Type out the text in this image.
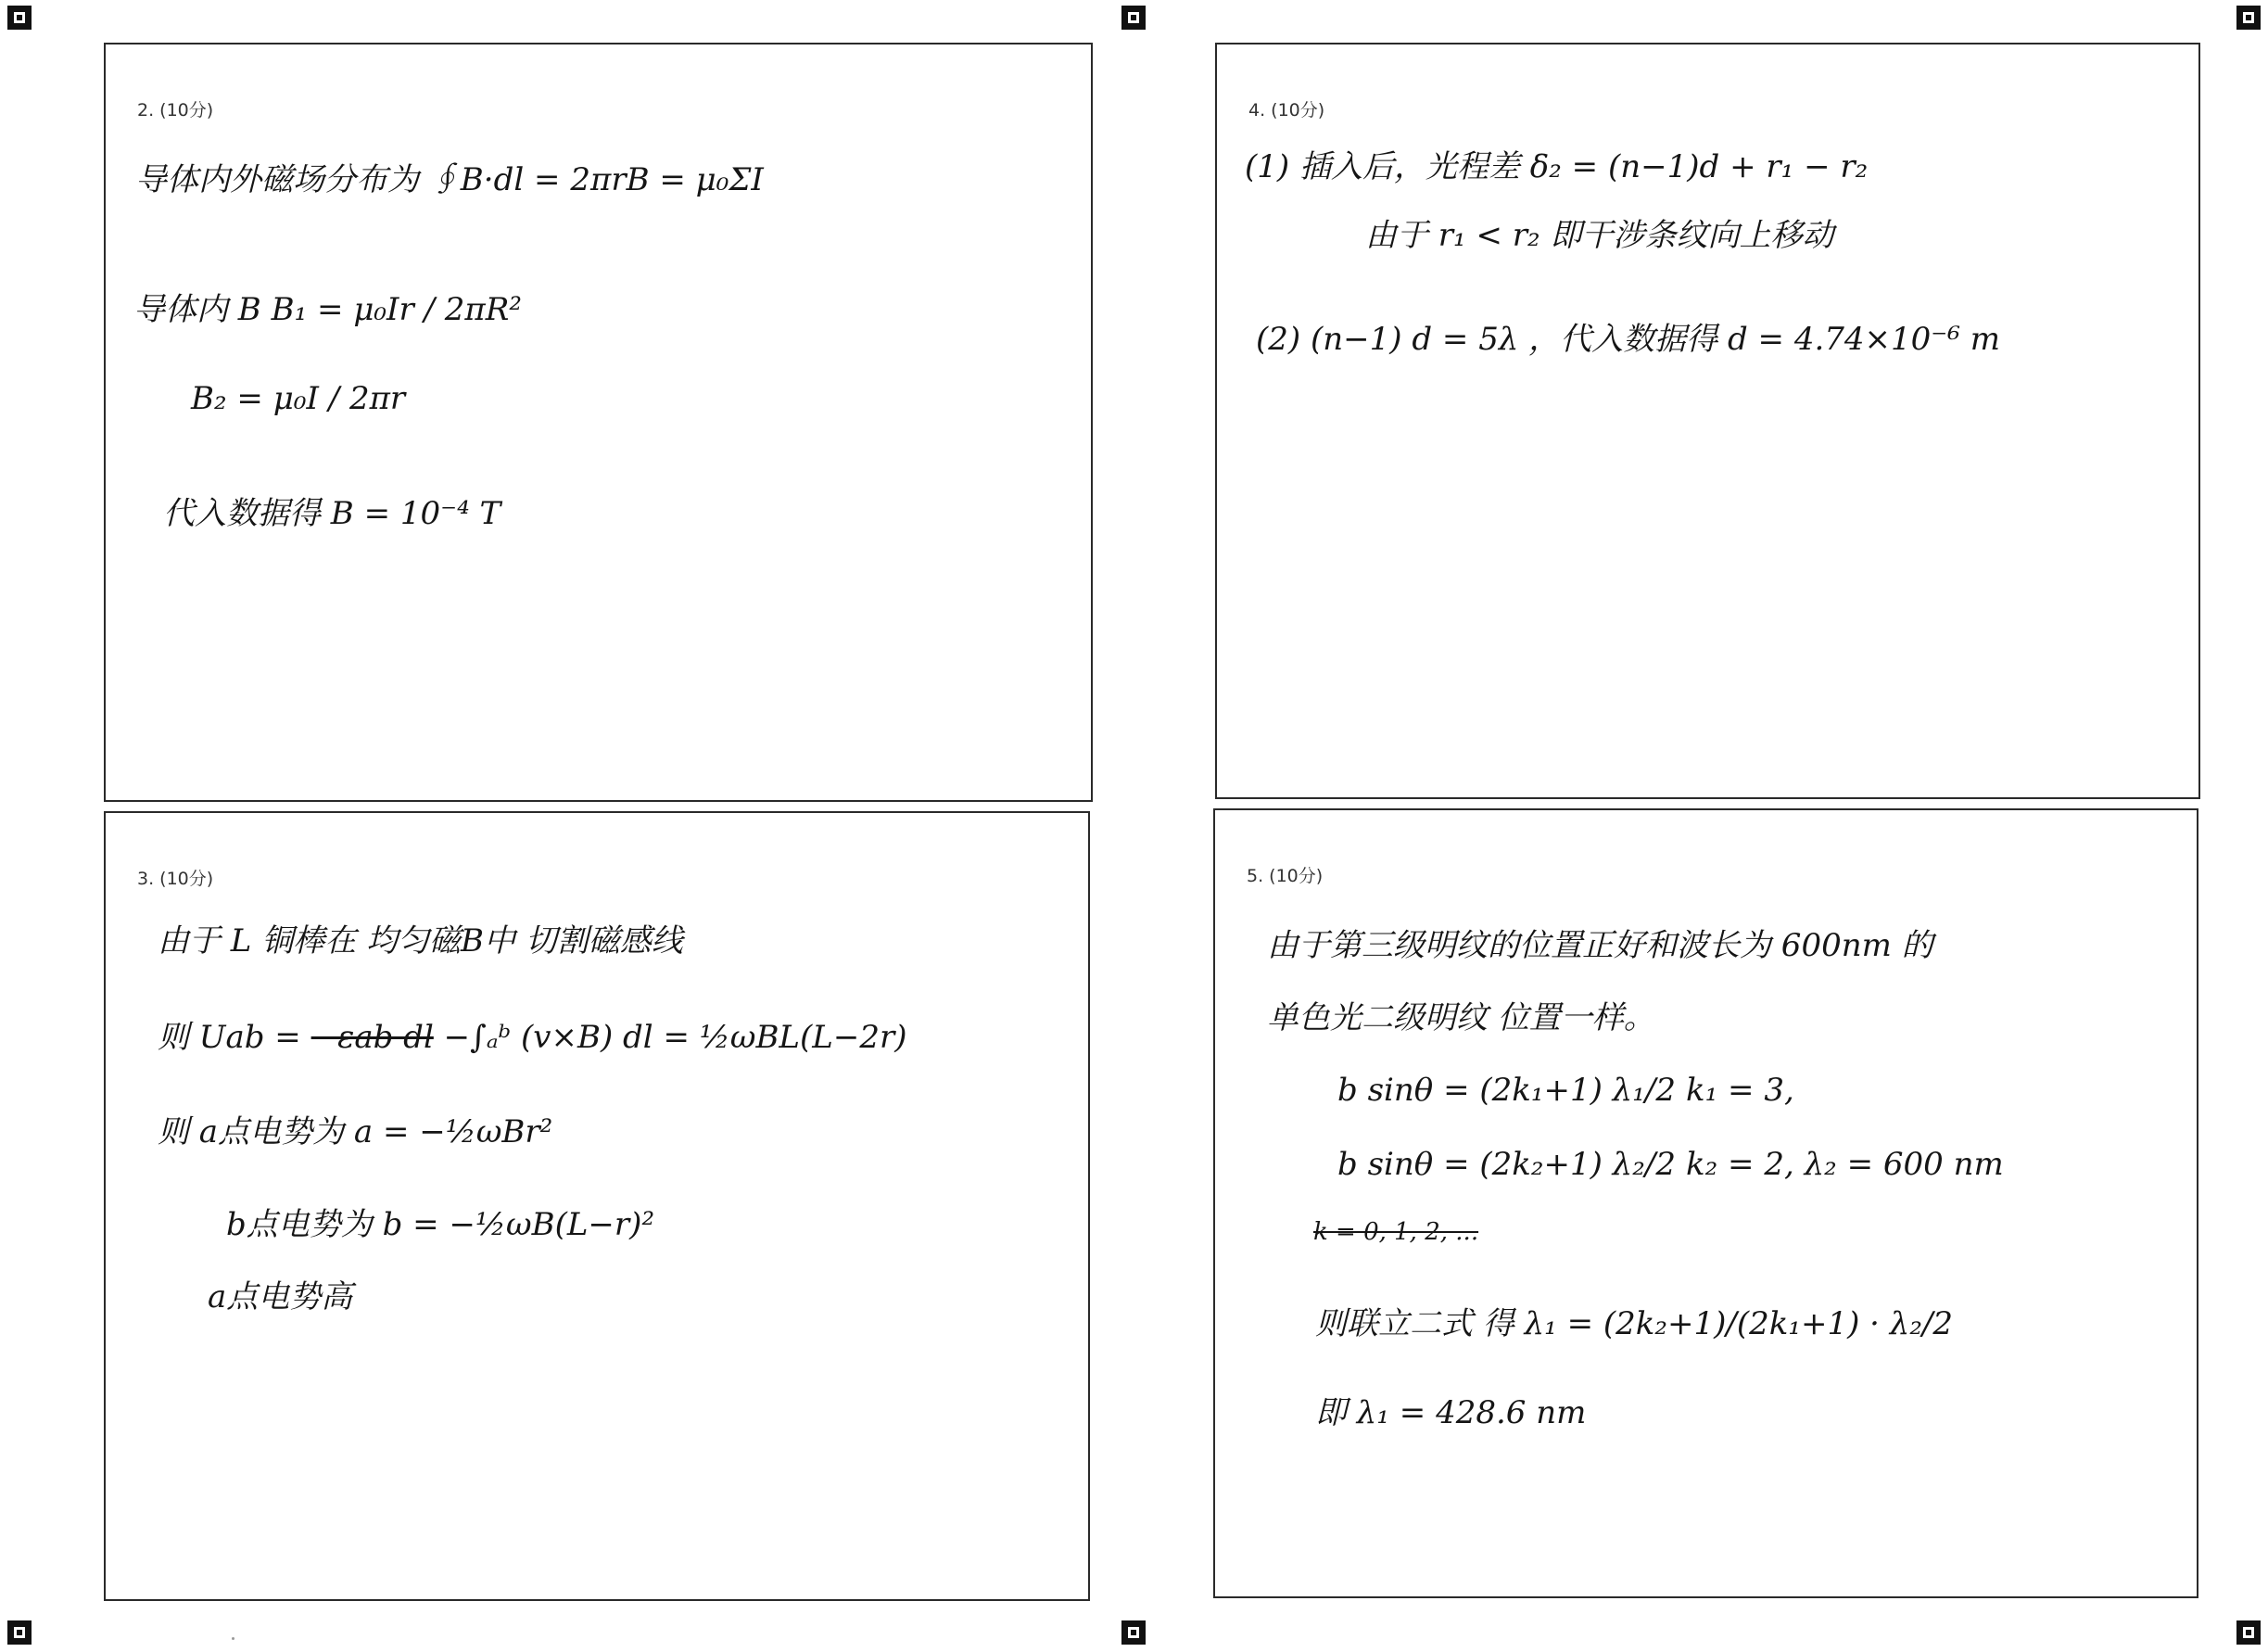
2. (10分)
导体内外磁场分布为 ∮B·dl = 2πrB = μ₀ΣI
导体内 B B₁ = μ₀Ir / 2πR²
B₂ = μ₀I / 2πr
代入数据得 B = 10⁻⁴ T
4. (10分)
(1) 插入后，光程差 δ₂ = (n−1)d + r₁ − r₂
由于 r₁ < r₂ 即干涉条纹向上移动
(2) (n−1) d = 5λ ，代入数据得 d = 4.74×10⁻⁶ m
3. (10分)
由于 L 铜棒在 均匀磁B中 切割磁感线
则 Uab = −εab dl −∫ₐᵇ (v×B) dl = ½ωBL(L−2r)
则 a点电势为 a = −½ωBr²
b点电势为 b = −½ωB(L−r)²
a点电势高
5. (10分)
由于第三级明纹的位置正好和波长为 600nm 的
单色光二级明纹 位置一样。
b sinθ = (2k₁+1) λ₁/2 k₁ = 3,
b sinθ = (2k₂+1) λ₂/2 k₂ = 2, λ₂ = 600 nm
k = 0, 1, 2, ...
则联立二式 得 λ₁ = (2k₂+1)/(2k₁+1) · λ₂/2
即 λ₁ = 428.6 nm
